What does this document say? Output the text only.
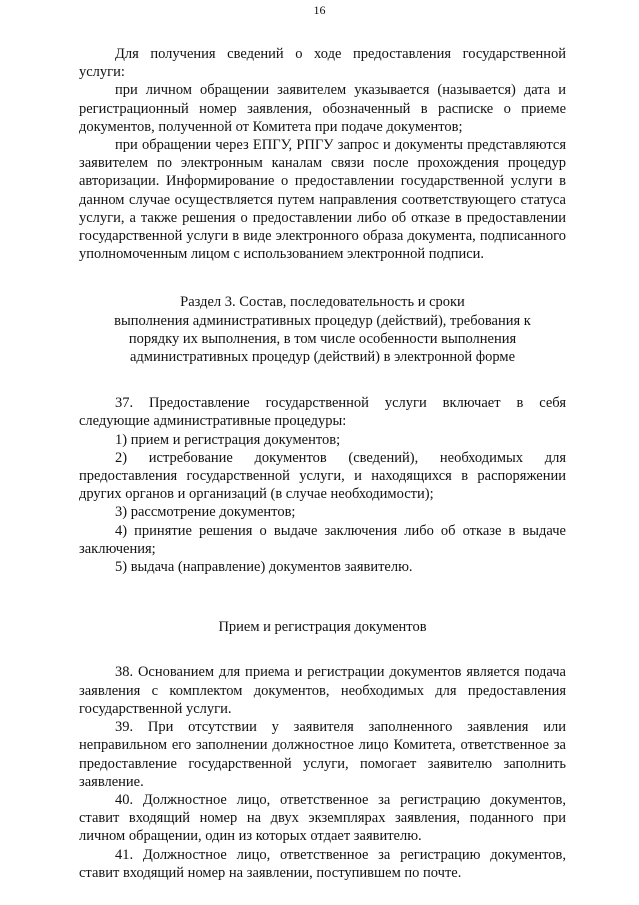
16

Для получения сведений о ходе предоставления государственной услуги:

при личном обращении заявителем указывается (называется) дата и регистрационный номер заявления, обозначенный в расписке о приеме документов, полученной от Комитета при подаче документов;

при обращении через ЕПГУ, РПГУ запрос и документы представляются заявителем по электронным каналам связи после прохождения процедур авторизации. Информирование о предоставлении государственной услуги в данном случае осуществляется путем направления соответствующего статуса услуги, а также решения о предоставлении либо об отказе в предоставлении государственной услуги в виде электронного образа документа, подписанного уполномоченным лицом с использованием электронной подписи.

Раздел 3. Состав, последовательность и сроки
выполнения административных процедур (действий), требования к
порядку их выполнения, в том числе особенности выполнения
административных процедур (действий) в электронной форме

37. Предоставление государственной услуги включает в себя следующие административные процедуры:

1) прием и регистрация документов;

2) истребование документов (сведений), необходимых для предоставления государственной услуги, и находящихся в распоряжении других органов и организаций (в случае необходимости);

3) рассмотрение документов;

4) принятие решения о выдаче заключения либо об отказе в выдаче заключения;

5) выдача (направление) документов заявителю.

Прием и регистрация документов

38. Основанием для приема и регистрации документов является подача заявления с комплектом документов, необходимых для предоставления государственной услуги.

39. При отсутствии у заявителя заполненного заявления или неправильном его заполнении должностное лицо Комитета, ответственное за предоставление государственной услуги, помогает заявителю заполнить заявление.

40. Должностное лицо, ответственное за регистрацию документов, ставит входящий номер на двух экземплярах заявления, поданного при личном обращении, один из которых отдает заявителю.

41. Должностное лицо, ответственное за регистрацию документов, ставит входящий номер на заявлении, поступившем по почте.
